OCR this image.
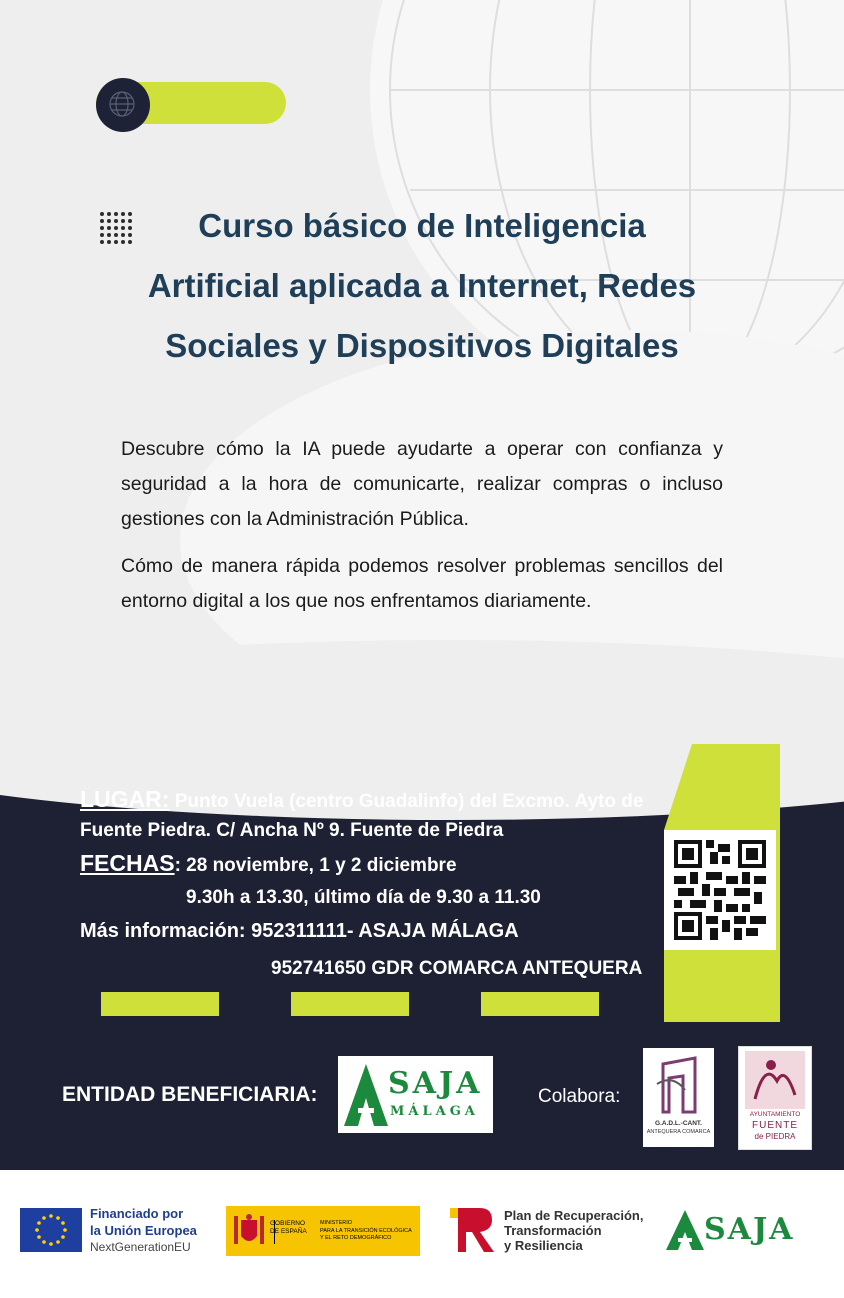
Curso básico de Inteligencia
Artificial aplicada a Internet, Redes
Sociales y Dispositivos Digitales

Descubre cómo la IA puede ayudarte a operar con confianza y seguridad a la hora de comunicarte, realizar compras o incluso gestiones con la Administración Pública.

Cómo de manera rápida podemos resolver problemas sencillos del entorno digital a los que nos enfrentamos diariamente.

LUGAR: Punto Vuela (centro Guadalinfo) del Excmo. Ayto de
Fuente Piedra. C/ Ancha Nº 9. Fuente de Piedra
FECHAS: 28 noviembre, 1 y 2 diciembre
9.30h a 13.30, último día de 9.30 a 11.30
Más información: 952311111- ASAJA MÁLAGA
952741650 GDR COMARCA ANTEQUERA
ENTIDAD BENEFICIARIA: SAJA
MÁLAGA
Colabora:
G.A.D.L.-CANT.
ANTEQUERA COMARCA
AYUNTAMIENTO
FUENTE
de PIEDRA
Financiado por
la Unión Europea
NextGenerationEU
GOBIERNO
DE ESPAÑA
MINISTERIO
PARA LA TRANSICIÓN ECOLÓGICA
Y EL RETO DEMOGRÁFICO
Plan de Recuperación,
Transformación
y Resiliencia	SAJA
